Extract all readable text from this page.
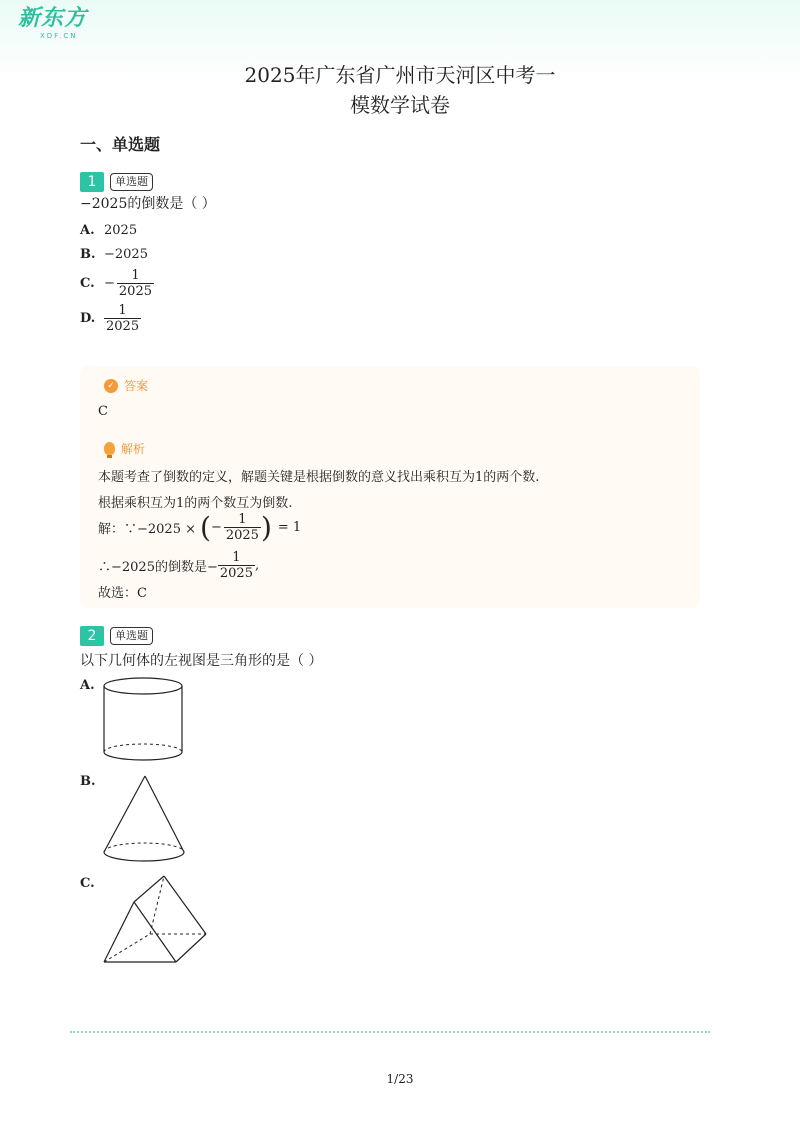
新东方
XDF.CN
2025年广东省广州市天河区中考一
模数学试卷
一、单选题
1	单选题
−2025的倒数是（ ）
A. 2025
B. −2025
C. − $\frac{1}{2025}$
D. $\frac{1}{2025}$
✓ 答案
C
解析
本题考查了倒数的定义，解题关键是根据倒数的意义找出乘积互为1的两个数.
根据乘积互为1的两个数互为倒数.
解：∵−2025 × ( − $\frac{1}{2025}$ ) = 1
∴−2025的倒数是− $\frac{1}{2025}$ ,
故选：C
2	单选题
以下几何体的左视图是三角形的是（ ）
A.
B.
C.
1/23
